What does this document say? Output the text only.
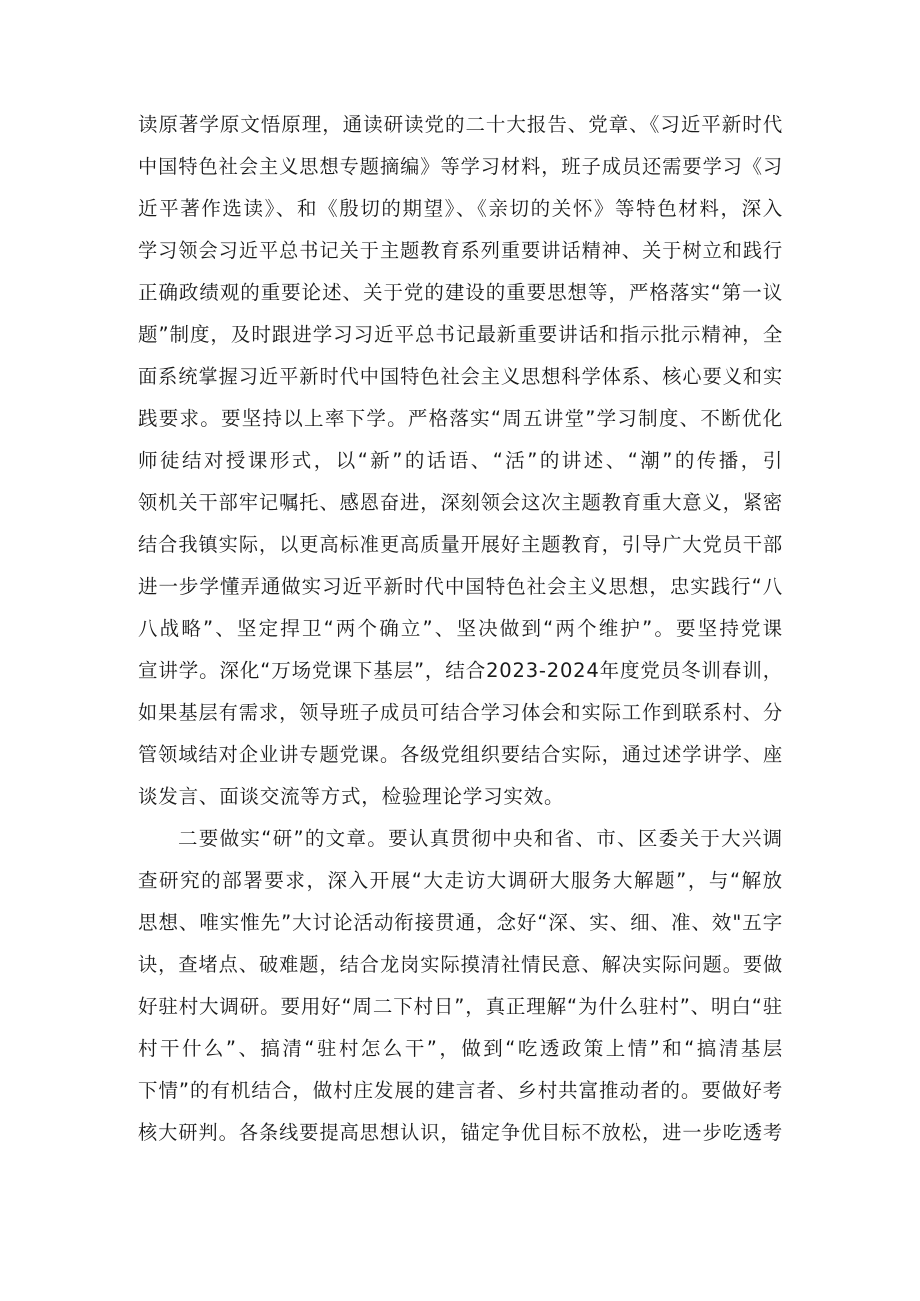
读原著学原文悟原理，通读研读党的二十大报告、党章、《习近平新时代
中国特色社会主义思想专题摘编》等学习材料，班子成员还需要学习《习
近平著作选读》、和《殷切的期望》、《亲切的关怀》等特色材料，深入
学习领会习近平总书记关于主题教育系列重要讲话精神、关于树立和践行
正确政绩观的重要论述、关于党的建设的重要思想等，严格落实“第一议
题”制度，及时跟进学习习近平总书记最新重要讲话和指示批示精神，全
面系统掌握习近平新时代中国特色社会主义思想科学体系、核心要义和实
践要求。要坚持以上率下学。严格落实“周五讲堂”学习制度、不断优化
师徒结对授课形式，以“新”的话语、“活”的讲述、“潮”的传播，引
领机关干部牢记嘱托、感恩奋进，深刻领会这次主题教育重大意义，紧密
结合我镇实际，以更高标准更高质量开展好主题教育，引导广大党员干部
进一步学懂弄通做实习近平新时代中国特色社会主义思想，忠实践行“八
八战略”、坚定捍卫“两个确立”、坚决做到“两个维护”。要坚持党课
宣讲学。深化“万场党课下基层”，结合2023-2024年度党员冬训春训，
如果基层有需求，领导班子成员可结合学习体会和实际工作到联系村、分
管领域结对企业讲专题党课。各级党组织要结合实际，通过述学讲学、座
谈发言、面谈交流等方式，检验理论学习实效。
二要做实“研”的文章。要认真贯彻中央和省、市、区委关于大兴调
查研究的部署要求，深入开展“大走访大调研大服务大解题”，与“解放
思想、唯实惟先”大讨论活动衔接贯通，念好“深、实、细、准、效"五字
诀，查堵点、破难题，结合龙岗实际摸清社情民意、解决实际问题。要做
好驻村大调研。要用好“周二下村日”，真正理解“为什么驻村”、明白“驻
村干什么”、搞清“驻村怎么干”，做到“吃透政策上情”和“搞清基层
下情”的有机结合，做村庄发展的建言者、乡村共富推动者的。要做好考
核大研判。各条线要提高思想认识，锚定争优目标不放松，进一步吃透考
